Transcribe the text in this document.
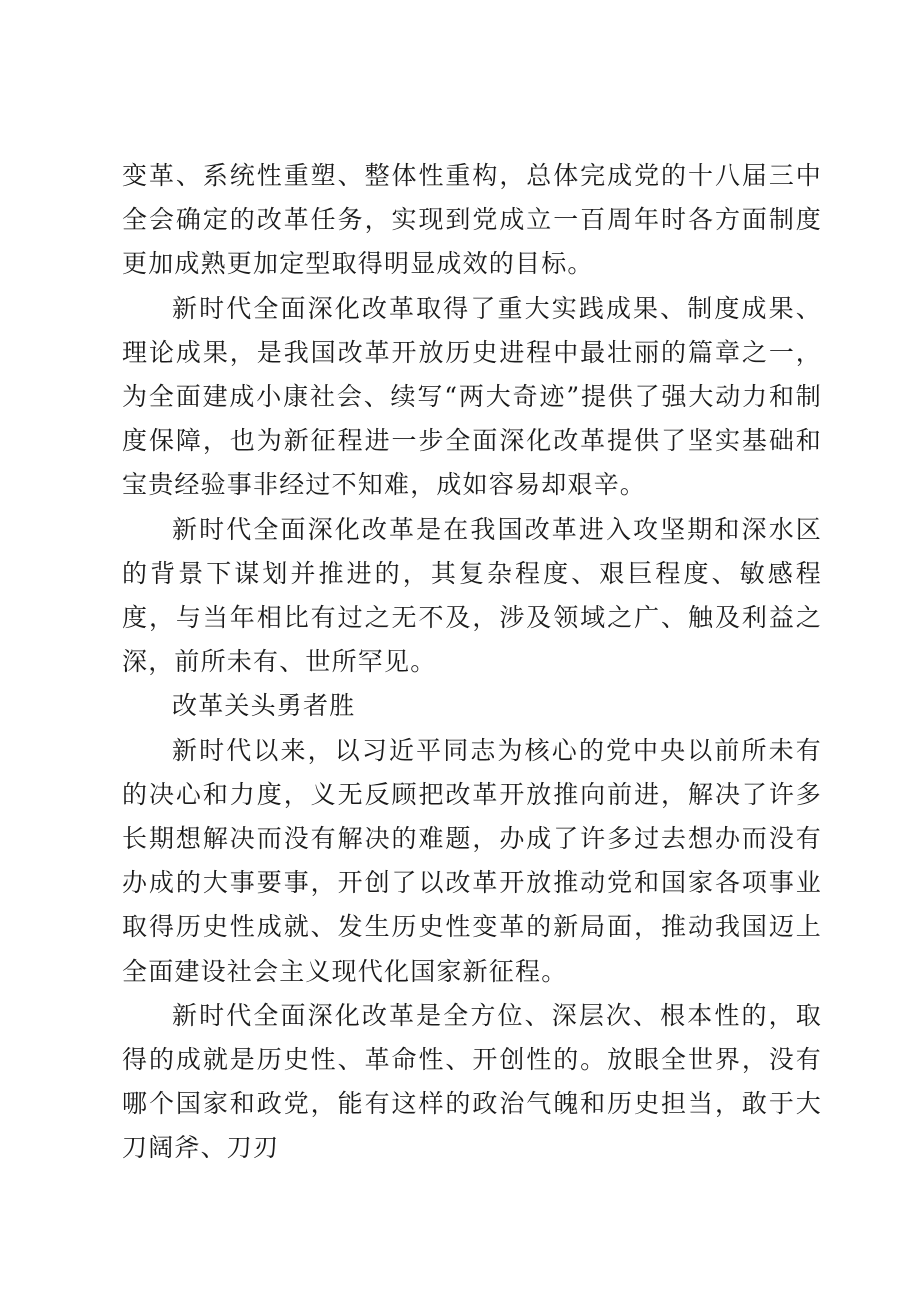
变革、系统性重塑、整体性重构，总体完成党的十八届三中全会确定的改革任务，实现到党成立一百周年时各方面制度更加成熟更加定型取得明显成效的目标。

新时代全面深化改革取得了重大实践成果、制度成果、理论成果，是我国改革开放历史进程中最壮丽的篇章之一，为全面建成小康社会、续写“两大奇迹”提供了强大动力和制度保障，也为新征程进一步全面深化改革提供了坚实基础和宝贵经验事非经过不知难，成如容易却艰辛。

新时代全面深化改革是在我国改革进入攻坚期和深水区的背景下谋划并推进的，其复杂程度、艰巨程度、敏感程度，与当年相比有过之无不及，涉及领域之广、触及利益之深，前所未有、世所罕见。

改革关头勇者胜

新时代以来，以习近平同志为核心的党中央以前所未有的决心和力度，义无反顾把改革开放推向前进，解决了许多长期想解决而没有解决的难题，办成了许多过去想办而没有办成的大事要事，开创了以改革开放推动党和国家各项事业取得历史性成就、发生历史性变革的新局面，推动我国迈上全面建设社会主义现代化国家新征程。

新时代全面深化改革是全方位、深层次、根本性的，取得的成就是历史性、革命性、开创性的。放眼全世界，没有哪个国家和政党，能有这样的政治气魄和历史担当，敢于大刀阔斧、刀刃
